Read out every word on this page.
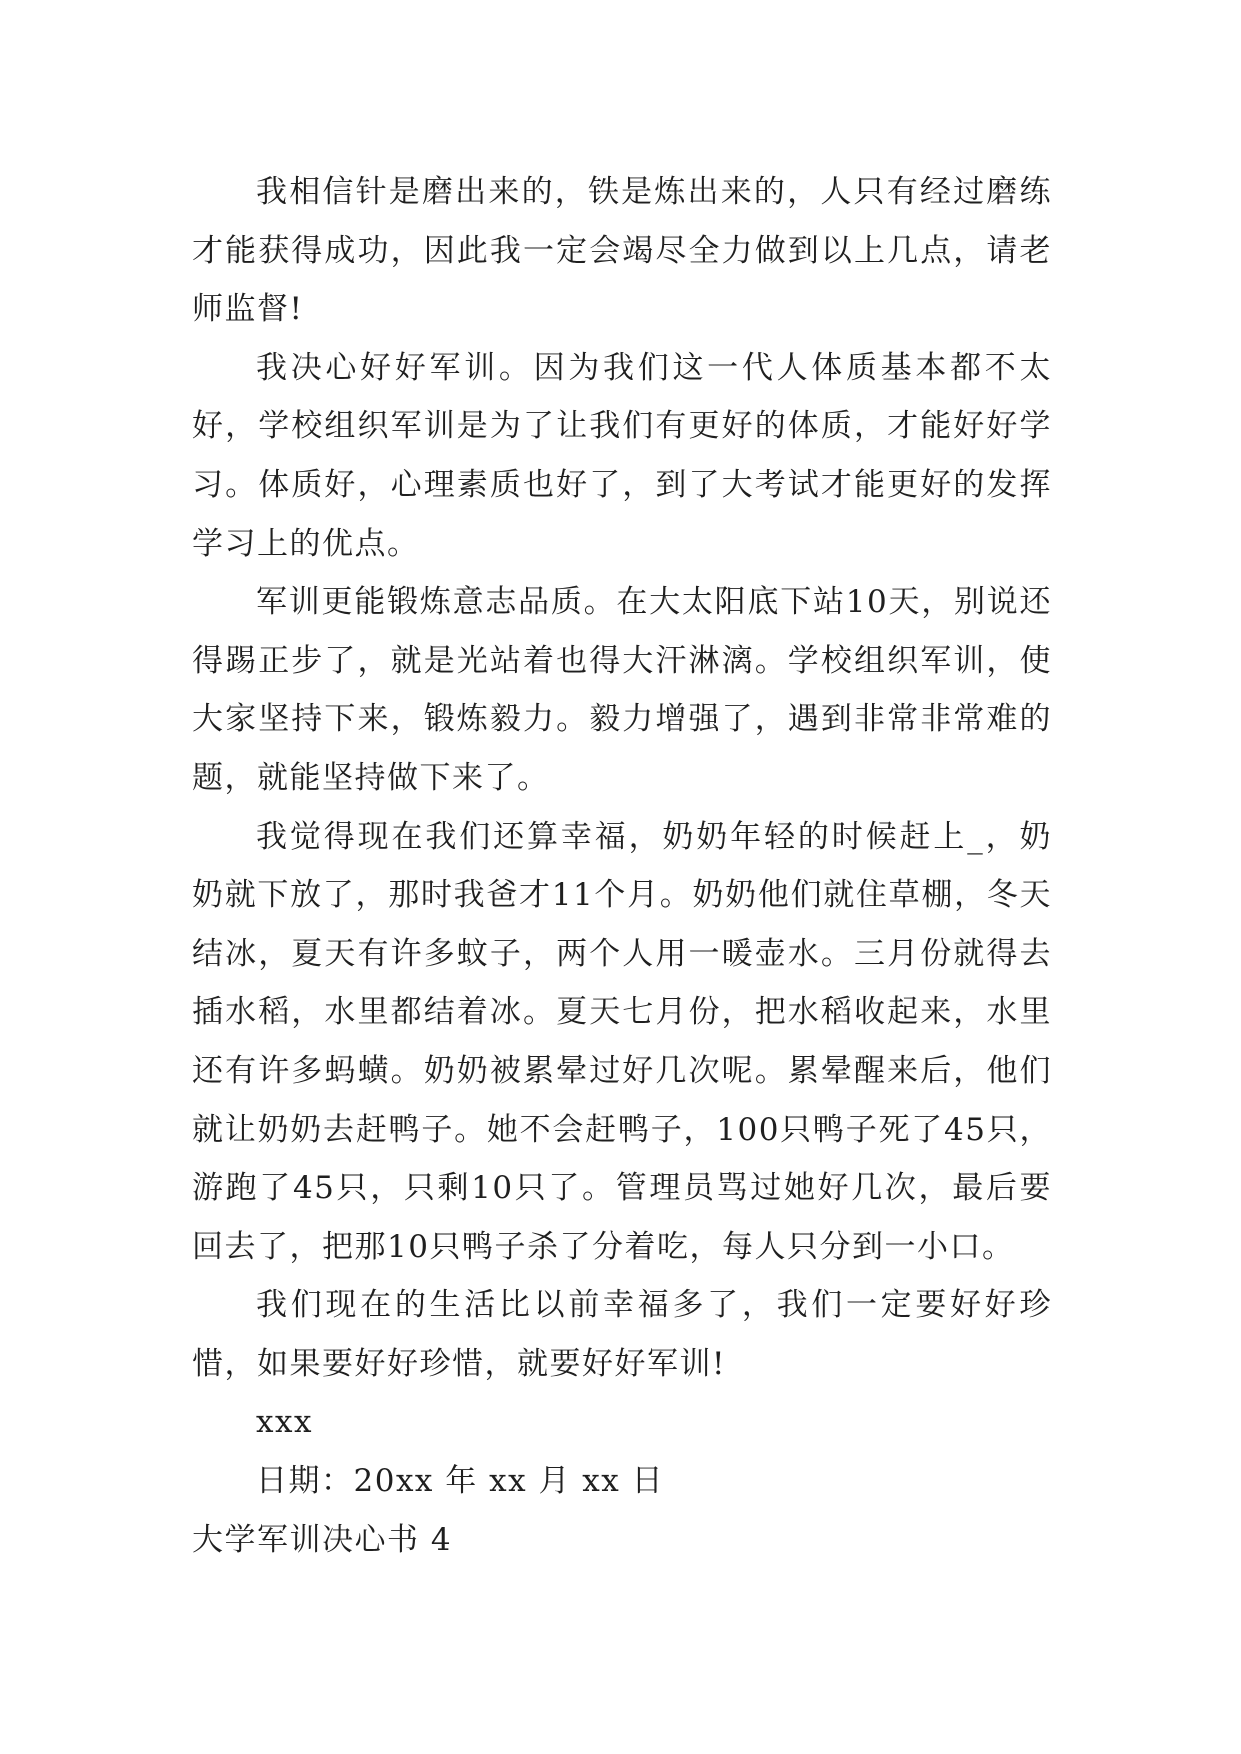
我相信针是磨出来的，铁是炼出来的，人只有经过磨练才能获得成功，因此我一定会竭尽全力做到以上几点，请老师监督!

我决心好好军训。因为我们这一代人体质基本都不太好，学校组织军训是为了让我们有更好的体质，才能好好学习。体质好，心理素质也好了，到了大考试才能更好的发挥学习上的优点。

军训更能锻炼意志品质。在大太阳底下站10天，别说还得踢正步了，就是光站着也得大汗淋漓。学校组织军训，使大家坚持下来，锻炼毅力。毅力增强了，遇到非常非常难的题，就能坚持做下来了。

我觉得现在我们还算幸福，奶奶年轻的时候赶上_，奶奶就下放了，那时我爸才11个月。奶奶他们就住草棚，冬天结冰，夏天有许多蚊子，两个人用一暖壶水。三月份就得去插水稻，水里都结着冰。夏天七月份，把水稻收起来，水里还有许多蚂蟥。奶奶被累晕过好几次呢。累晕醒来后，他们就让奶奶去赶鸭子。她不会赶鸭子，100只鸭子死了45只，游跑了45只，只剩10只了。管理员骂过她好几次，最后要回去了，把那10只鸭子杀了分着吃，每人只分到一小口。

我们现在的生活比以前幸福多了，我们一定要好好珍惜，如果要好好珍惜，就要好好军训!

xxx

日期：20xx 年 xx 月 xx 日

大学军训决心书 4
